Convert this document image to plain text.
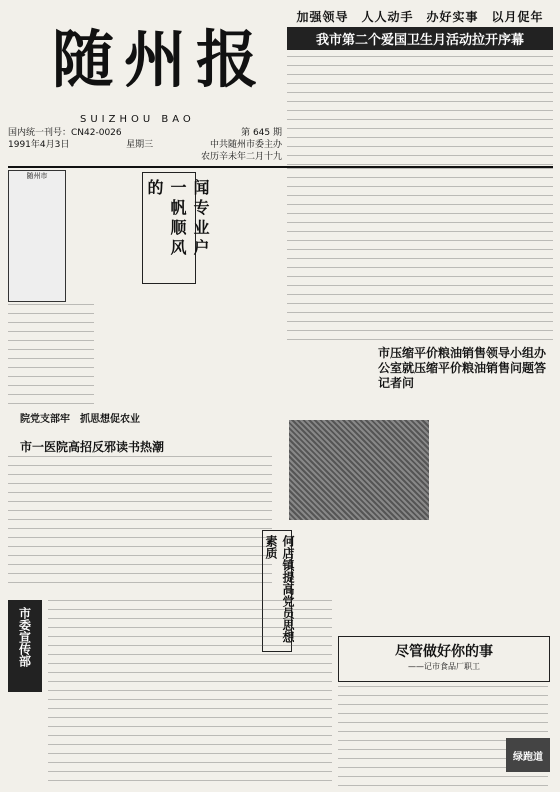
随州报
SUIZHOU BAO
国内统一刊号：CN42-0026	第 645 期
1991年4月3日	星期三	中共随州市委主办
农历辛未年二月十九
加强领导　人人动手　办好实事　以月促年
我市第二个爱国卫生月活动拉开序幕
随州市
闻专业户一帆顺风的
院党支部牢　抓思想促农业
市一医院高招反邪读书热潮
市压缩平价粮油销售领导小组办公室就压缩平价粮油销售问题答记者问
何店镇提高党员思想素质
尽管做好你的事
——记市食品厂职工
市委宣传部
绿跑道
